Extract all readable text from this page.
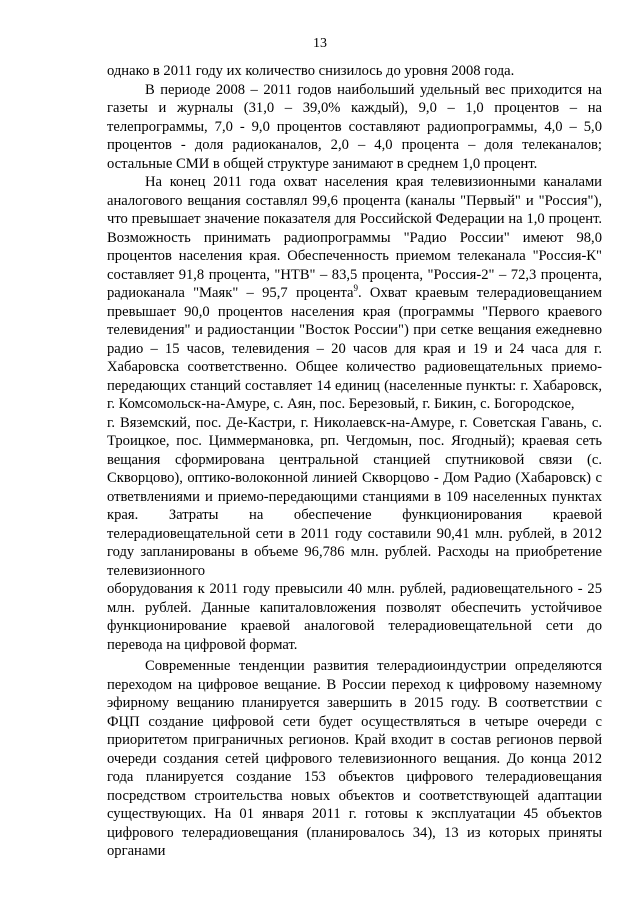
13

однако в 2011 году их количество снизилось до уровня 2008 года.

В периоде 2008 – 2011 годов наибольший удельный вес приходится на газеты и журналы (31,0 – 39,0% каждый), 9,0 – 1,0 процентов – на телепрограммы, 7,0 - 9,0 процентов составляют радиопрограммы, 4,0 – 5,0 процентов - доля радиоканалов, 2,0 – 4,0 процента – доля телеканалов; остальные СМИ в общей структуре занимают в среднем 1,0 процент.

На конец 2011 года охват населения края телевизионными каналами аналогового вещания составлял 99,6 процента (каналы "Первый" и "Россия"), что превышает значение показателя для Российской Федерации на 1,0 процент. Возможность принимать радиопрограммы "Радио России" имеют 98,0 процентов населения края. Обеспеченность приемом телеканала "Россия-К" составляет 91,8 процента, "НТВ" – 83,5 процента, "Россия-2" – 72,3 процента, радиоканала "Маяк" – 95,7 процента$^9$. Охват краевым телерадиовещанием превышает 90,0 процентов населения края (программы "Первого краевого телевидения" и радиостанции "Восток России") при сетке вещания ежедневно радио – 15 часов, телевидения – 20 часов для края и 19 и 24 часа для г. Хабаровска соответственно. Общее количество радиовещательных приемо-передающих станций составляет 14 единиц (населенные пункты: г. Хабаровск, г. Комсомольск-на-Амуре, с. Аян, пос. Березовый, г. Бикин, с. Богородское,

г. Вяземский, пос. Де-Кастри, г. Николаевск-на-Амуре, г. Советская Гавань, с. Троицкое, пос. Циммермановка, рп. Чегдомын, пос. Ягодный); краевая сеть вещания сформирована центральной станцией спутниковой связи (с. Скворцово), оптико-волоконной линией Скворцово - Дом Радио (Хабаровск) с ответвлениями и приемо-передающими станциями в 109 населенных пунктах края. Затраты на обеспечение функционирования краевой телерадиовещательной сети в 2011 году составили 90,41 млн. рублей, в 2012 году запланированы в объеме 96,786 млн. рублей. Расходы на приобретение телевизионного

оборудования к 2011 году превысили 40 млн. рублей, радиовещательного - 25 млн. рублей. Данные капиталовложения позволят обеспечить устойчивое функционирование краевой аналоговой телерадиовещательной сети до перевода на цифровой формат.

Современные тенденции развития телерадиоиндустрии определяются переходом на цифровое вещание. В России переход к цифровому наземному эфирному вещанию планируется завершить в 2015 году. В соответствии с ФЦП создание цифровой сети будет осуществляться в четыре очереди с приоритетом приграничных регионов. Край входит в состав регионов первой очереди создания сетей цифрового телевизионного вещания. До конца 2012 года планируется создание 153 объектов цифрового телерадиовещания посредством строительства новых объектов и соответствующей адаптации существующих. На 01 января 2011 г. готовы к эксплуатации 45 объектов цифрового телерадиовещания (планировалось 34), 13 из которых приняты органами
